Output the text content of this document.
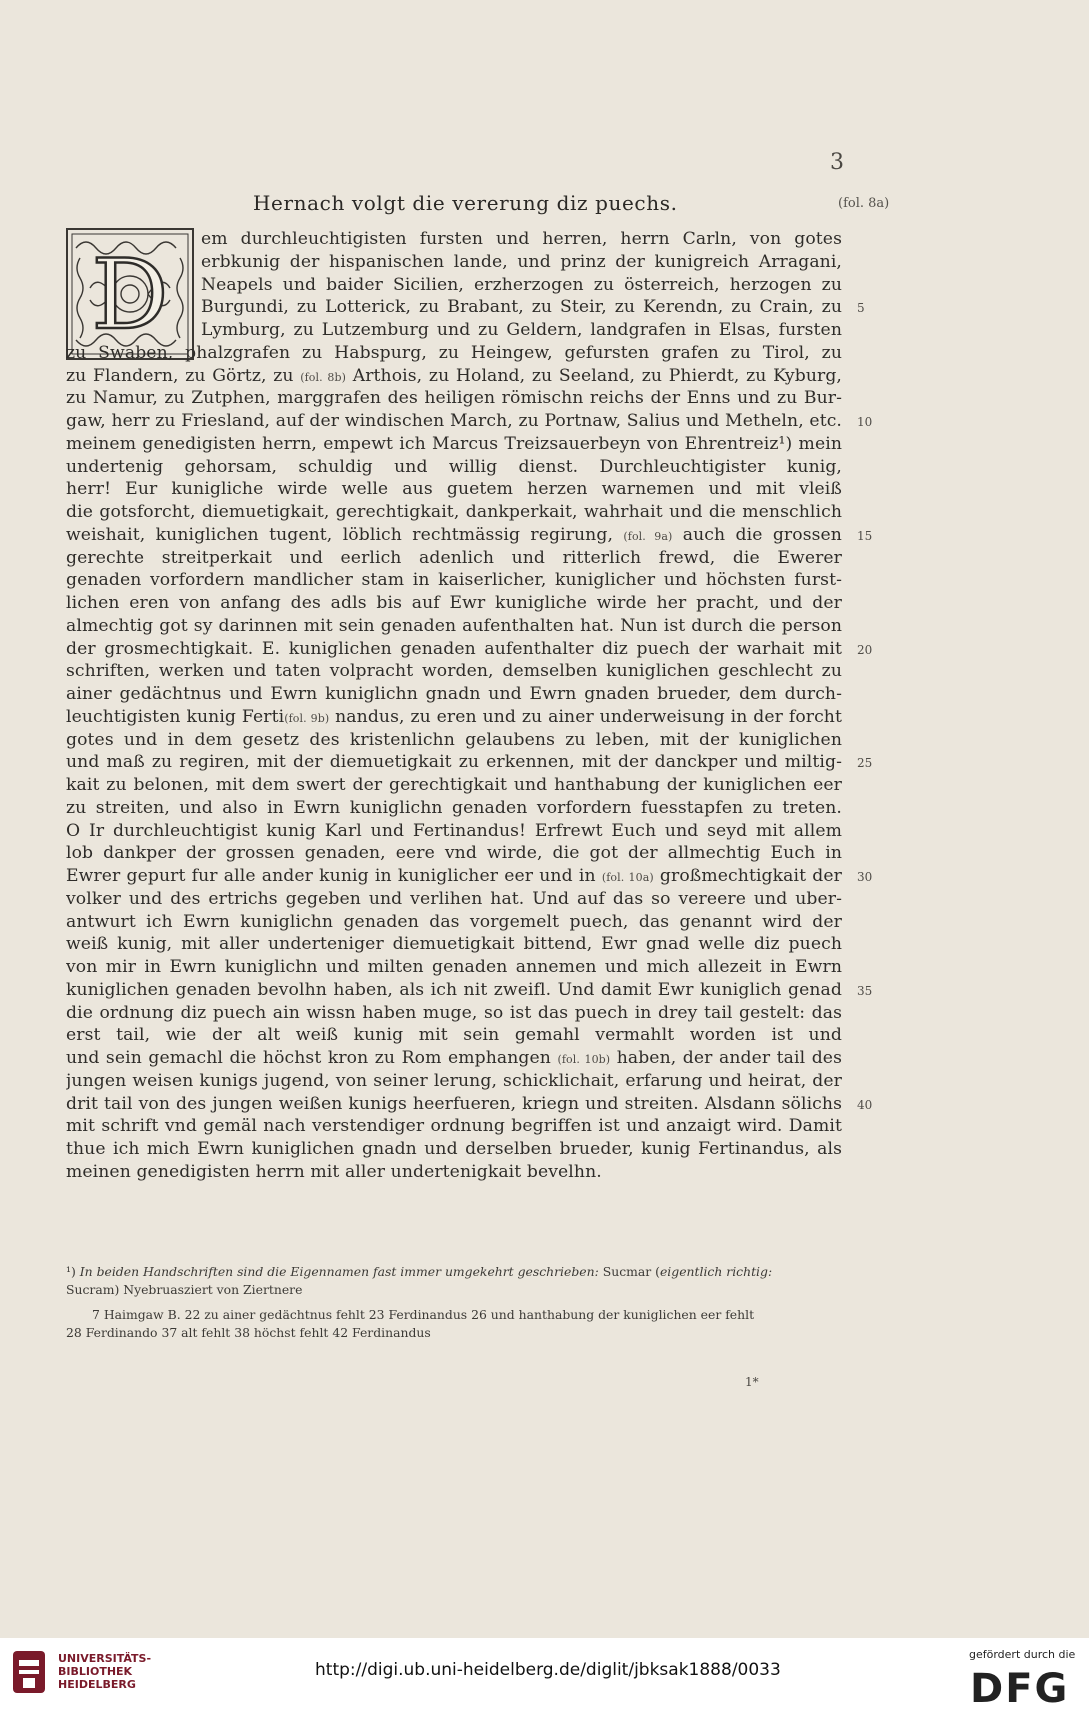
3
Hernach volgt die vererung diz puechs.	(fol. 8a)
D em durchleuchtigisten fursten und herren, herrn Carln, von gotes
erbkunig der hispanischen lande, und prinz der kunigreich Arragani,
Neapels und baider Sicilien, erzherzogen zu österreich, herzogen zu
Burgundi, zu Lotterick, zu Brabant, zu Steir, zu Kerendn, zu Crain, zu 5
Lymburg, zu Lutzemburg und zu Geldern, landgrafen in Elsas, fursten
zu Swaben, phalzgrafen zu Habspurg, zu Heingew, gefursten grafen zu Tirol, zu
zu Flandern, zu Görtz, zu (fol. 8b) Arthois, zu Holand, zu Seeland, zu Phierdt, zu Kyburg,
zu Namur, zu Zutphen, marggrafen des heiligen römischn reichs der Enns und zu Bur-
gaw, herr zu Friesland, auf der windischen March, zu Portnaw, Salius und Metheln, etc. 10
meinem genedigisten herrn, empewt ich Marcus Treizsauerbeyn von Ehrentreiz¹) mein
undertenig gehorsam, schuldig und willig dienst. Durchleuchtigister kunig,
herr! Eur kunigliche wirde welle aus guetem herzen warnemen und mit vleiß
die gotsforcht, diemuetigkait, gerechtigkait, dankperkait, wahrhait und die menschlich
weishait, kuniglichen tugent, löblich rechtmässig regirung, (fol. 9a) auch die grossen 15
gerechte streitperkait und eerlich adenlich und ritterlich frewd, die Ewerer
genaden vorfordern mandlicher stam in kaiserlicher, kuniglicher und höchsten furst-
lichen eren von anfang des adls bis auf Ewr kunigliche wirde her pracht, und der
almechtig got sy darinnen mit sein genaden aufenthalten hat. Nun ist durch die person
der grosmechtigkait. E. kuniglichen genaden aufenthalter diz puech der warhait mit 20
schriften, werken und taten volpracht worden, demselben kuniglichen geschlecht zu
ainer gedächtnus und Ewrn kuniglichn gnadn und Ewrn gnaden brueder, dem durch-
leuchtigisten kunig Ferti(fol. 9b) nandus, zu eren und zu ainer underweisung in der forcht
gotes und in dem gesetz des kristenlichn gelaubens zu leben, mit der kuniglichen
und maß zu regiren, mit der diemuetigkait zu erkennen, mit der danckper und miltig- 25
kait zu belonen, mit dem swert der gerechtigkait und hanthabung der kuniglichen eer
zu streiten, und also in Ewrn kuniglichn genaden vorfordern fuesstapfen zu treten.
O Ir durchleuchtigist kunig Karl und Fertinandus! Erfrewt Euch und seyd mit allem
lob dankper der grossen genaden, eere vnd wirde, die got der allmechtig Euch in
Ewrer gepurt fur alle ander kunig in kuniglicher eer und in (fol. 10a) großmechtigkait der 30
volker und des ertrichs gegeben und verlihen hat. Und auf das so vereere und uber-
antwurt ich Ewrn kuniglichn genaden das vorgemelt puech, das genannt wird der
weiß kunig, mit aller underteniger diemuetigkait bittend, Ewr gnad welle diz puech
von mir in Ewrn kuniglichn und milten genaden annemen und mich allezeit in Ewrn
kuniglichen genaden bevolhn haben, als ich nit zweifl. Und damit Ewr kuniglich genad 35
die ordnung diz puech ain wissn haben muge, so ist das puech in drey tail gestelt: das
erst tail, wie der alt weiß kunig mit sein gemahl vermahlt worden ist und
und sein gemachl die höchst kron zu Rom emphangen (fol. 10b) haben, der ander tail des
jungen weisen kunigs jugend, von seiner lerung, schicklichait, erfarung und heirat, der
drit tail von des jungen weißen kunigs heerfueren, kriegn und streiten. Alsdann sölichs 40
mit schrift vnd gemäl nach verstendiger ordnung begriffen ist und anzaigt wird. Damit
thue ich mich Ewrn kuniglichen gnadn und derselben brueder, kunig Fertinandus, als
meinen genedigisten herrn mit aller undertenigkait bevelhn.
¹) In beiden Handschriften sind die Eigennamen fast immer umgekehrt geschrieben: Sucmar (eigentlich richtig:
Sucram) Nyebruasziert von Ziertnere
7 Haimgaw B. 22 zu ainer gedächtnus fehlt 23 Ferdinandus 26 und hanthabung der kuniglichen eer fehlt
28 Ferdinando 37 alt fehlt 38 höchst fehlt 42 Ferdinandus
1*
UNIVERSITÄTS-
BIBLIOTHEK
HEIDELBERG
http://digi.ub.uni-heidelberg.de/diglit/jbksak1888/0033
gefördert durch die
DFG
